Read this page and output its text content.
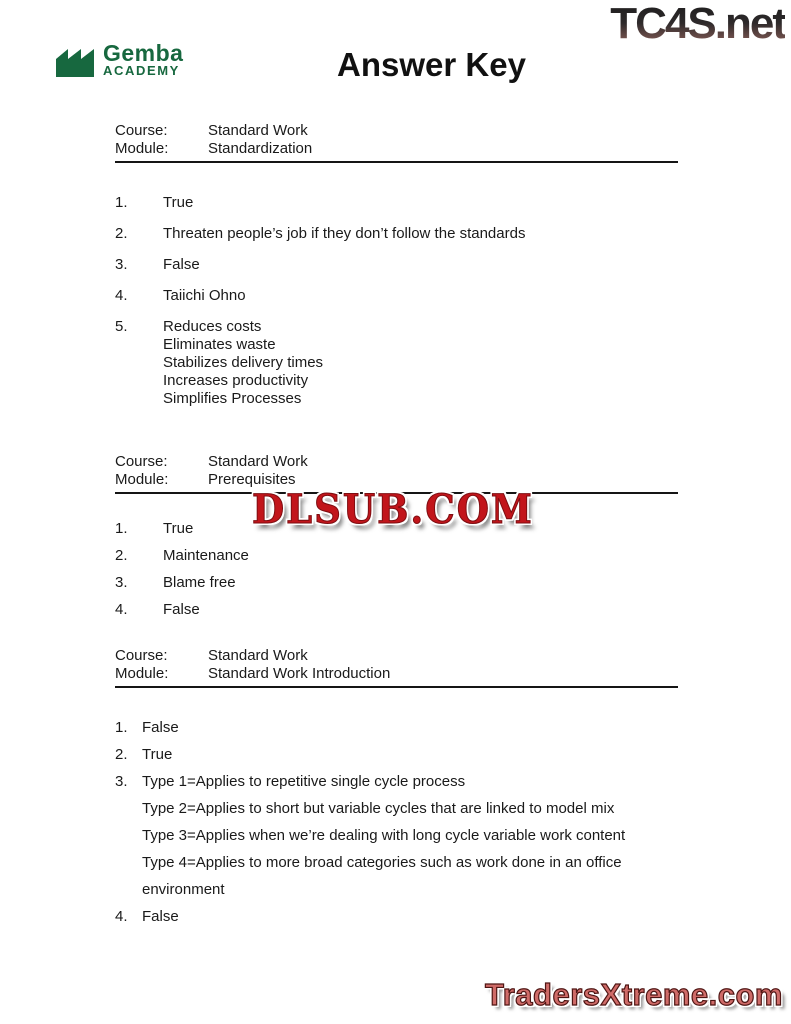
TC4S.net
Gemba
ACADEMY	Answer Key
Course:	Standard Work
Module:	Standardization
1.	True
2.	Threaten people’s job if they don’t follow the standards
3.	False
4.	Taiichi Ohno
5.	Reduces costs
Eliminates waste
Stabilizes delivery times
Increases productivity
Simplifies Processes
Course:	Standard Work
Module:	Prerequisites
1.	True
2.	Maintenance
3.	Blame free
4.	False
Course:	Standard Work
Module:	Standard Work Introduction
1. False
2. True
3. Type 1=Applies to repetitive single cycle process
Type 2=Applies to short but variable cycles that are linked to model mix
Type 3=Applies when we’re dealing with long cycle variable work content
Type 4=Applies to more broad categories such as work done in an office
environment
4. False
DLSUB.COM
TradersXtreme.com
